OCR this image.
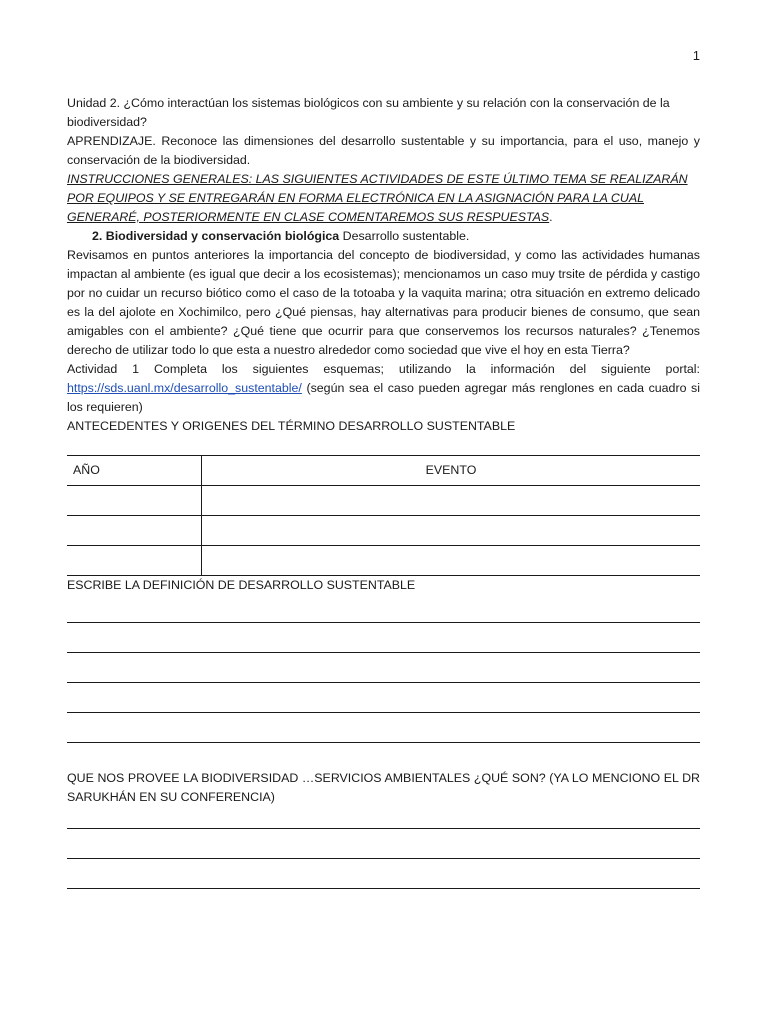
1

Unidad 2. ¿Cómo interactúan los sistemas biológicos con su ambiente y su relación con la conservación de la biodiversidad?

APRENDIZAJE. Reconoce las dimensiones del desarrollo sustentable y su importancia, para el uso, manejo y conservación de la biodiversidad.

INSTRUCCIONES GENERALES: LAS SIGUIENTES ACTIVIDADES DE ESTE ÚLTIMO TEMA SE REALIZARÁN POR EQUIPOS Y SE ENTREGARÁN EN FORMA ELECTRÓNICA EN LA ASIGNACIÓN PARA LA CUAL GENERARÉ, POSTERIORMENTE EN CLASE COMENTAREMOS SUS RESPUESTAS.

2. Biodiversidad y conservación biológica Desarrollo sustentable.

Revisamos en puntos anteriores la importancia del concepto de biodiversidad, y como las actividades humanas impactan al ambiente (es igual que decir a los ecosistemas); mencionamos un caso muy trsite de pérdida y castigo por no cuidar un recurso biótico como el caso de la totoaba y la vaquita marina; otra situación en extremo delicado es la del ajolote en Xochimilco, pero ¿Qué piensas, hay alternativas para producir bienes de consumo, que sean amigables con el ambiente? ¿Qué tiene que ocurrir para que conservemos los recursos naturales? ¿Tenemos derecho de utilizar todo lo que esta a nuestro alrededor como sociedad que vive el hoy en esta Tierra?

Actividad 1 Completa los siguientes esquemas; utilizando la información del siguiente portal: https://sds.uanl.mx/desarrollo_sustentable/ (según sea el caso pueden agregar más renglones en cada cuadro si los requieren)

ANTECEDENTES Y ORIGENES DEL TÉRMINO DESARROLLO SUSTENTABLE

AÑO	EVENTO

ESCRIBE LA DEFINICIÓN DE DESARROLLO SUSTENTABLE

QUE NOS PROVEE LA BIODIVERSIDAD …SERVICIOS AMBIENTALES ¿QUÉ SON? (YA LO MENCIONO EL DR SARUKHÁN EN SU CONFERENCIA)
